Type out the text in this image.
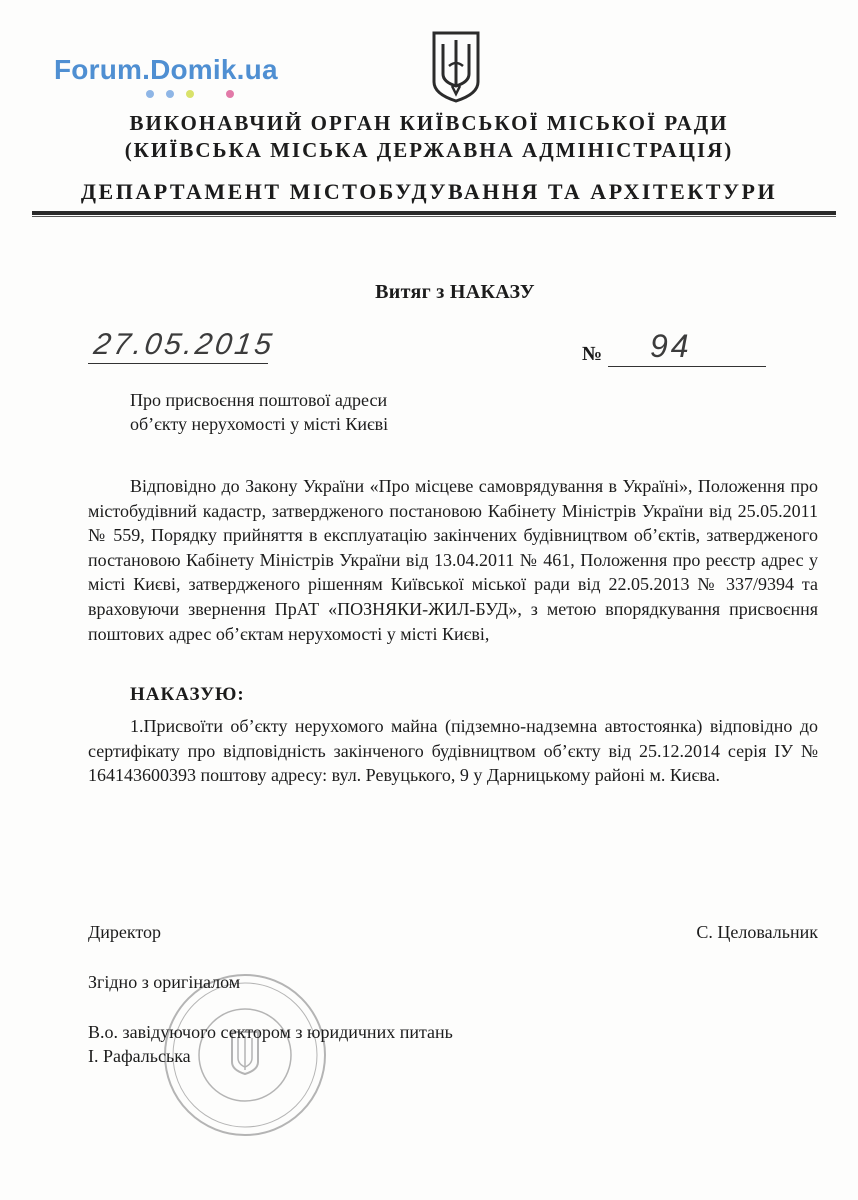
Forum.Domik.ua
ВИКОНАВЧИЙ ОРГАН КИЇВСЬКОЇ МІСЬКОЇ РАДИ
(КИЇВСЬКА МІСЬКА ДЕРЖАВНА АДМІНІСТРАЦІЯ)
ДЕПАРТАМЕНТ МІСТОБУДУВАННЯ ТА АРХІТЕКТУРИ
Витяг з НАКАЗУ
27.05.2015	№ 94
Про присвоєння поштової адреси
об’єкту нерухомості у місті Києві
Відповідно до Закону України «Про місцеве самоврядування в Україні», Положення про містобудівний кадастр, затвердженого постановою Кабінету Міністрів України від 25.05.2011 № 559, Порядку прийняття в експлуатацію закінчених будівництвом об’єктів, затвердженого постановою Кабінету Міністрів України від 13.04.2011 № 461, Положення про реєстр адрес у місті Києві, затвердженого рішенням Київської міської ради від 22.05.2013 № 337/9394 та враховуючи звернення ПрАТ «ПОЗНЯКИ-ЖИЛ-БУД», з метою впорядкування присвоєння поштових адрес об’єктам нерухомості у місті Києві,
НАКАЗУЮ:
1.Присвоїти об’єкту нерухомого майна (підземно-надземна автостоянка) відповідно до сертифікату про відповідність закінченого будівництвом об’єкту від 25.12.2014 серія ІУ № 164143600393 поштову адресу: вул. Ревуцького, 9 у Дарницькому районі м. Києва.
Директор	С. Целовальник
Згідно з оригіналом
В.о. завідуючого сектором з юридичних питань
І. Рафальська
